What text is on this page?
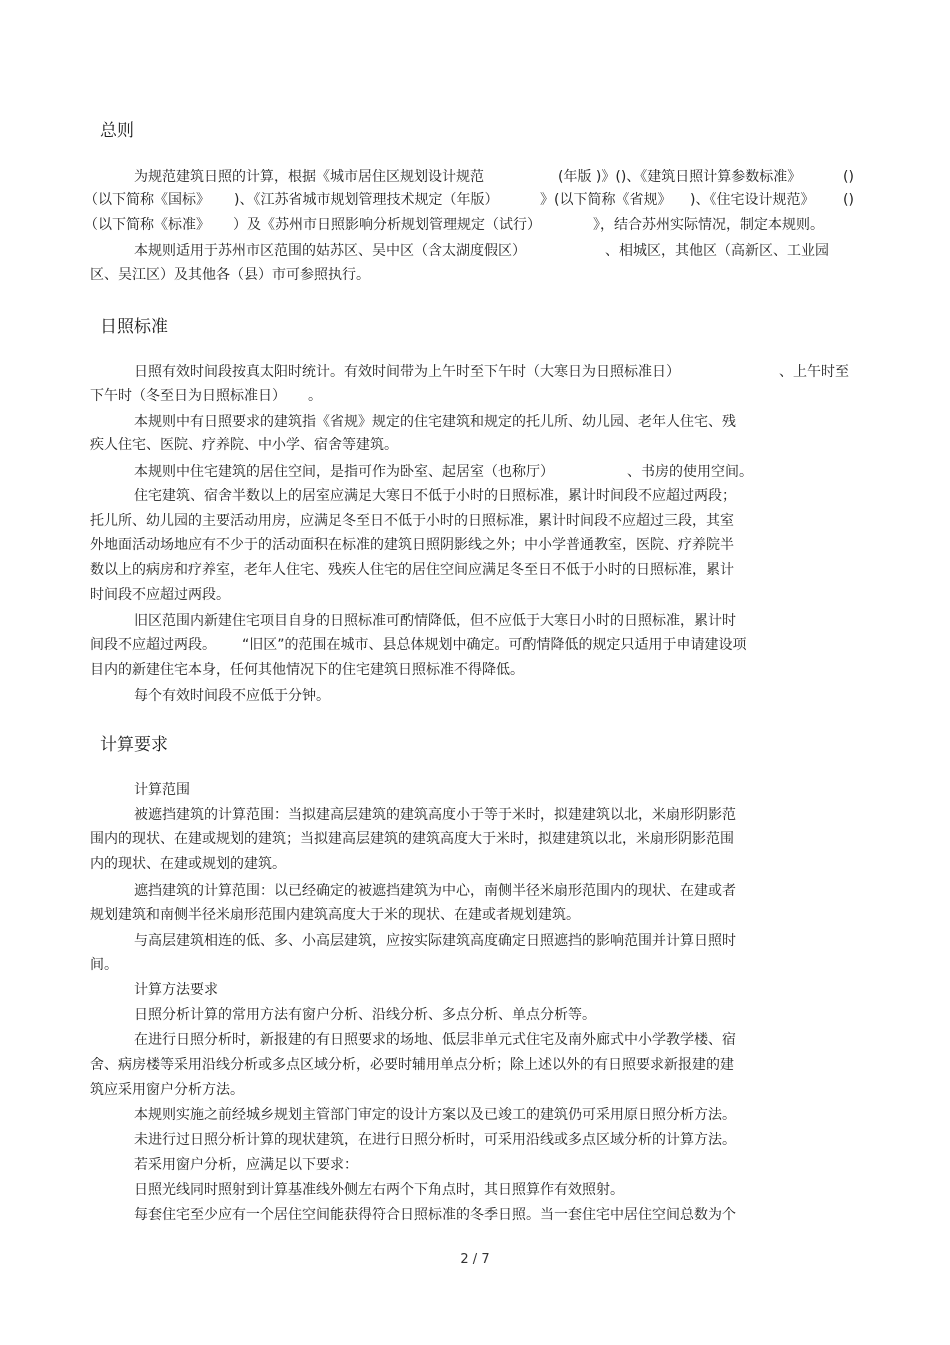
总则
为规范建筑日照的计算，根据《城市居住区规划设计规范	(年版 )》()、《建筑日照计算参数标准》	()
（以下简称《国标》 )、《江苏省城市规划管理技术规定（年版）	》(以下简称《省规》 )、《住宅设计规范》 ()
（以下简称《标准》 ）及《苏州市日照影响分析规划管理规定（试行）	》，结合苏州实际情况，制定本规则。
本规则适用于苏州市区范围的姑苏区、吴中区（含太湖度假区）	、相城区，其他区（高新区、工业园
区、吴江区）及其他各（县）市可参照执行。
日照标准
日照有效时间段按真太阳时统计。有效时间带为上午时至下午时（大寒日为日照标准日）	、上午时至
下午时（冬至日为日照标准日） 。
本规则中有日照要求的建筑指《省规》规定的住宅建筑和规定的托儿所、幼儿园、老年人住宅、残
疾人住宅、医院、疗养院、中小学、宿舍等建筑。
本规则中住宅建筑的居住空间，是指可作为卧室、起居室（也称厅）	、书房的使用空间。
住宅建筑、宿舍半数以上的居室应满足大寒日不低于小时的日照标准，累计时间段不应超过两段；
托儿所、幼儿园的主要活动用房，应满足冬至日不低于小时的日照标准，累计时间段不应超过三段，其室
外地面活动场地应有不少于的活动面积在标准的建筑日照阴影线之外；中小学普通教室，医院、疗养院半
数以上的病房和疗养室，老年人住宅、残疾人住宅的居住空间应满足冬至日不低于小时的日照标准，累计
时间段不应超过两段。
旧区范围内新建住宅项目自身的日照标准可酌情降低，但不应低于大寒日小时的日照标准，累计时
间段不应超过两段。 “旧区”的范围在城市、县总体规划中确定。可酌情降低的规定只适用于申请建设项
目内的新建住宅本身，任何其他情况下的住宅建筑日照标准不得降低。
每个有效时间段不应低于分钟。
计算要求
计算范围
被遮挡建筑的计算范围：当拟建高层建筑的建筑高度小于等于米时，拟建建筑以北，米扇形阴影范
围内的现状、在建或规划的建筑；当拟建高层建筑的建筑高度大于米时，拟建建筑以北，米扇形阴影范围
内的现状、在建或规划的建筑。
遮挡建筑的计算范围：以已经确定的被遮挡建筑为中心，南侧半径米扇形范围内的现状、在建或者
规划建筑和南侧半径米扇形范围内建筑高度大于米的现状、在建或者规划建筑。
与高层建筑相连的低、多、小高层建筑，应按实际建筑高度确定日照遮挡的影响范围并计算日照时
间。
计算方法要求
日照分析计算的常用方法有窗户分析、沿线分析、多点分析、单点分析等。
在进行日照分析时，新报建的有日照要求的场地、低层非单元式住宅及南外廊式中小学教学楼、宿
舍、病房楼等采用沿线分析或多点区域分析，必要时辅用单点分析；除上述以外的有日照要求新报建的建
筑应采用窗户分析方法。
本规则实施之前经城乡规划主管部门审定的设计方案以及已竣工的建筑仍可采用原日照分析方法。
未进行过日照分析计算的现状建筑，在进行日照分析时，可采用沿线或多点区域分析的计算方法。
若采用窗户分析，应满足以下要求：
日照光线同时照射到计算基准线外侧左右两个下角点时，其日照算作有效照射。
每套住宅至少应有一个居住空间能获得符合日照标准的冬季日照。当一套住宅中居住空间总数为个
2 / 7
